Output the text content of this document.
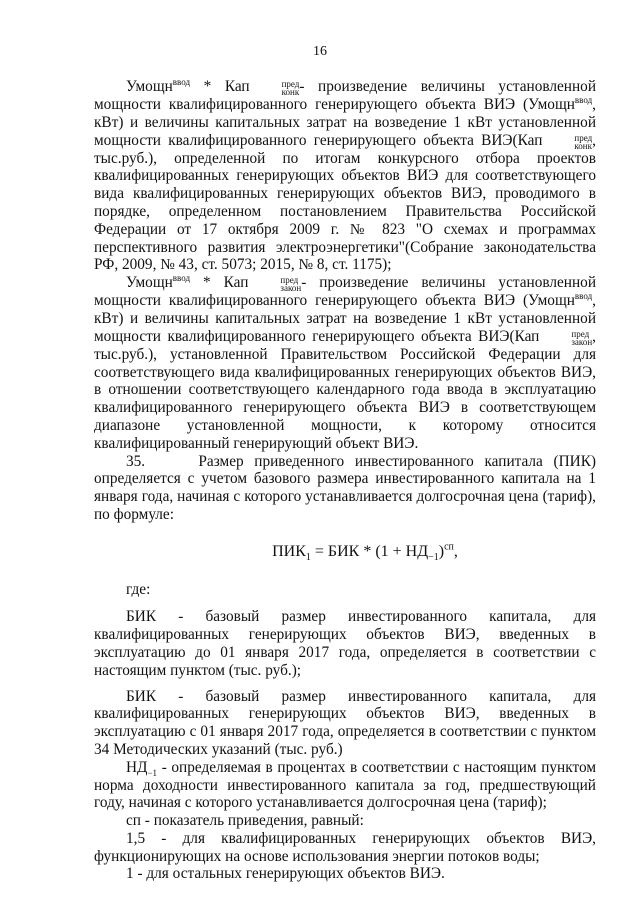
16

Умощн$^{ввод}$ * Кап	пред
конк - произведение величины установленной мощности квалифицированного генерирующего объекта ВИЭ (Умощн$^{ввод}$, кВт) и величины капитальных затрат на возведение 1 кВт установленной мощности квалифицированного генерирующего объекта ВИЭ(Кап	пред
конк , тыс.руб.), определенной по итогам конкурсного отбора проектов квалифицированных генерирующих объектов ВИЭ для соответствующего вида квалифицированных генерирующих объектов ВИЭ, проводимого в порядке, определенном постановлением Правительства Российской Федерации от 17 октября 2009 г. № 823 "О схемах и программах перспективного развития электроэнергетики"(Собрание законодательства РФ, 2009, № 43, ст. 5073; 2015, № 8, ст. 1175);

Умощн$^{ввод}$ * Кап	пред
закон - произведение величины установленной мощности квалифицированного генерирующего объекта ВИЭ (Умощн$^{ввод}$, кВт) и величины капитальных затрат на возведение 1 кВт установленной мощности квалифицированного генерирующего объекта ВИЭ(Кап	пред
закон , тыс.руб.), установленной Правительством Российской Федерации для соответствующего вида квалифицированных генерирующих объектов ВИЭ, в отношении соответствующего календарного года ввода в эксплуатацию квалифицированного генерирующего объекта ВИЭ в соответствующем диапазоне установленной мощности, к которому относится квалифицированный генерирующий объект ВИЭ.

35.	Размер приведенного инвестированного капитала (ПИК) определяется с учетом базового размера инвестированного капитала на 1 января года, начиная с которого устанавливается долгосрочная цена (тариф), по формуле:

$ПИК_1$ = БИК * $(1 + НД_{-1})^{сп}$,

где:

БИК - базовый размер инвестированного капитала, для квалифицированных генерирующих объектов ВИЭ, введенных в эксплуатацию до 01 января 2017 года, определяется в соответствии с настоящим пунктом (тыс. руб.);

БИК - базовый размер инвестированного капитала, для квалифицированных генерирующих объектов ВИЭ, введенных в эксплуатацию с 01 января 2017 года, определяется в соответствии с пунктом 34 Методических указаний (тыс. руб.)

$НД_{-1}$ - определяемая в процентах в соответствии с настоящим пунктом норма доходности инвестированного капитала за год, предшествующий году, начиная с которого устанавливается долгосрочная цена (тариф);

сп - показатель приведения, равный:

1,5 - для квалифицированных генерирующих объектов ВИЭ, функционирующих на основе использования энергии потоков воды;

1 - для остальных генерирующих объектов ВИЭ.
